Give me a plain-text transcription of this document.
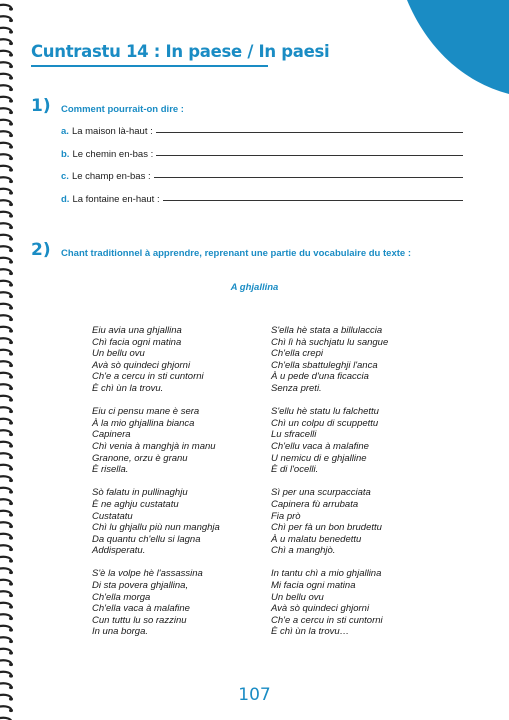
Cuntrastu 14 : In paese / In paesi
1) Comment pourrait-on dire :
a. La maison là-haut :
b. Le chemin en-bas :
c. Le champ en-bas :
d. La fontaine en-haut :
2) Chant traditionnel à apprendre, reprenant une partie du vocabulaire du texte :
A ghjallina
Eiu avia una ghjallina
Chì facia ogni matina
Un bellu ovu
Avà sò quindeci ghjorni
Ch'e a cercu in sti cuntorni
È chì ùn la trovu.
Eiu ci pensu mane è sera
À la mio ghjallina bianca
Capinera
Chì venia à manghjà in manu
Granone, orzu è granu
È risella.
Sò falatu in pullinaghju
È ne aghju custatatu
Custatatu
Chì lu ghjallu più nun manghja
Da quantu ch'ellu si lagna
Addisperatu.
S'è la volpe hè l'assassina
Di sta povera ghjallina,
Ch'ella morga
Ch'ella vaca à malafine
Cun tuttu lu so razzinu
In una borga.
S'ella hè stata a billulaccia
Chì lì hà suchjatu lu sangue
Ch'ella crepi
Ch'ella sbattuleghji l'anca
À u pede d'una ficaccia
Senza preti.
S'ellu hè statu lu falchettu
Chì un colpu di scuppettu
Lu sfracelli
Ch'ellu vaca à malafine
U nemicu di e ghjalline
È di l'ocelli.
Sì per una scurpacciata
Capinera fù arrubata
Fia prò
Chì per fà un bon brudettu
À u malatu benedettu
Chì a manghjò.
In tantu chì a mio ghjallina
Mi facia ogni matina
Un bellu ovu
Avà sò quindeci ghjorni
Ch'e a cercu in sti cuntorni
È chì ùn la trovu…
107
